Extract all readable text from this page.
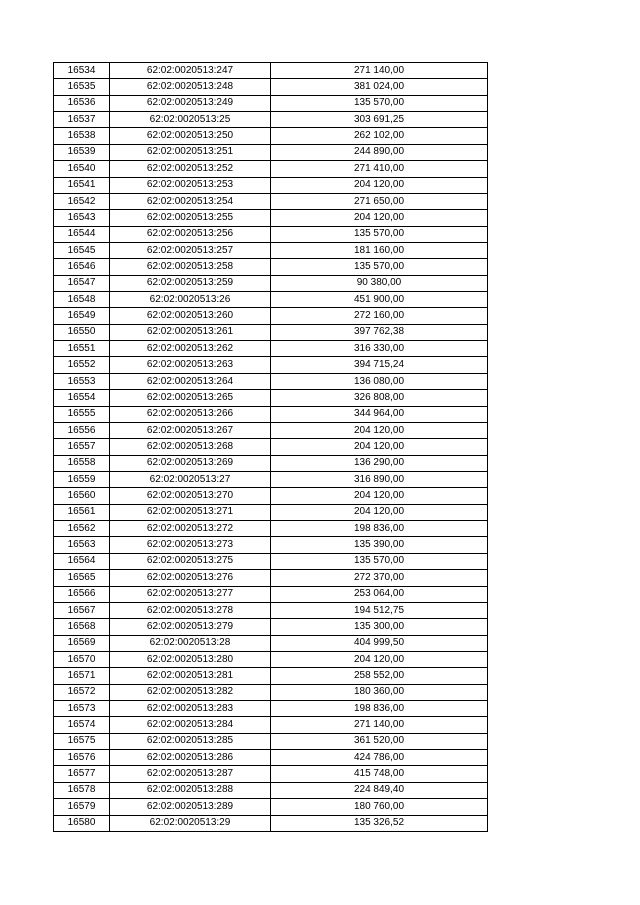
16534	62:02:0020513:247	271 140,00
16535	62:02:0020513:248	381 024,00
16536	62:02:0020513:249	135 570,00
16537	62:02:0020513:25	303 691,25
16538	62:02:0020513:250	262 102,00
16539	62:02:0020513:251	244 890,00
16540	62:02:0020513:252	271 410,00
16541	62:02:0020513:253	204 120,00
16542	62:02:0020513:254	271 650,00
16543	62:02:0020513:255	204 120,00
16544	62:02:0020513:256	135 570,00
16545	62:02:0020513:257	181 160,00
16546	62:02:0020513:258	135 570,00
16547	62:02:0020513:259	90 380,00
16548	62:02:0020513:26	451 900,00
16549	62:02:0020513:260	272 160,00
16550	62:02:0020513:261	397 762,38
16551	62:02:0020513:262	316 330,00
16552	62:02:0020513:263	394 715,24
16553	62:02:0020513:264	136 080,00
16554	62:02:0020513:265	326 808,00
16555	62:02:0020513:266	344 964,00
16556	62:02:0020513:267	204 120,00
16557	62:02:0020513:268	204 120,00
16558	62:02:0020513:269	136 290,00
16559	62:02:0020513:27	316 890,00
16560	62:02:0020513:270	204 120,00
16561	62:02:0020513:271	204 120,00
16562	62:02:0020513:272	198 836,00
16563	62:02:0020513:273	135 390,00
16564	62:02:0020513:275	135 570,00
16565	62:02:0020513:276	272 370,00
16566	62:02:0020513:277	253 064,00
16567	62:02:0020513:278	194 512,75
16568	62:02:0020513:279	135 300,00
16569	62:02:0020513:28	404 999,50
16570	62:02:0020513:280	204 120,00
16571	62:02:0020513:281	258 552,00
16572	62:02:0020513:282	180 360,00
16573	62:02:0020513:283	198 836,00
16574	62:02:0020513:284	271 140,00
16575	62:02:0020513:285	361 520,00
16576	62:02:0020513:286	424 786,00
16577	62:02:0020513:287	415 748,00
16578	62:02:0020513:288	224 849,40
16579	62:02:0020513:289	180 760,00
16580	62:02:0020513:29	135 326,52
